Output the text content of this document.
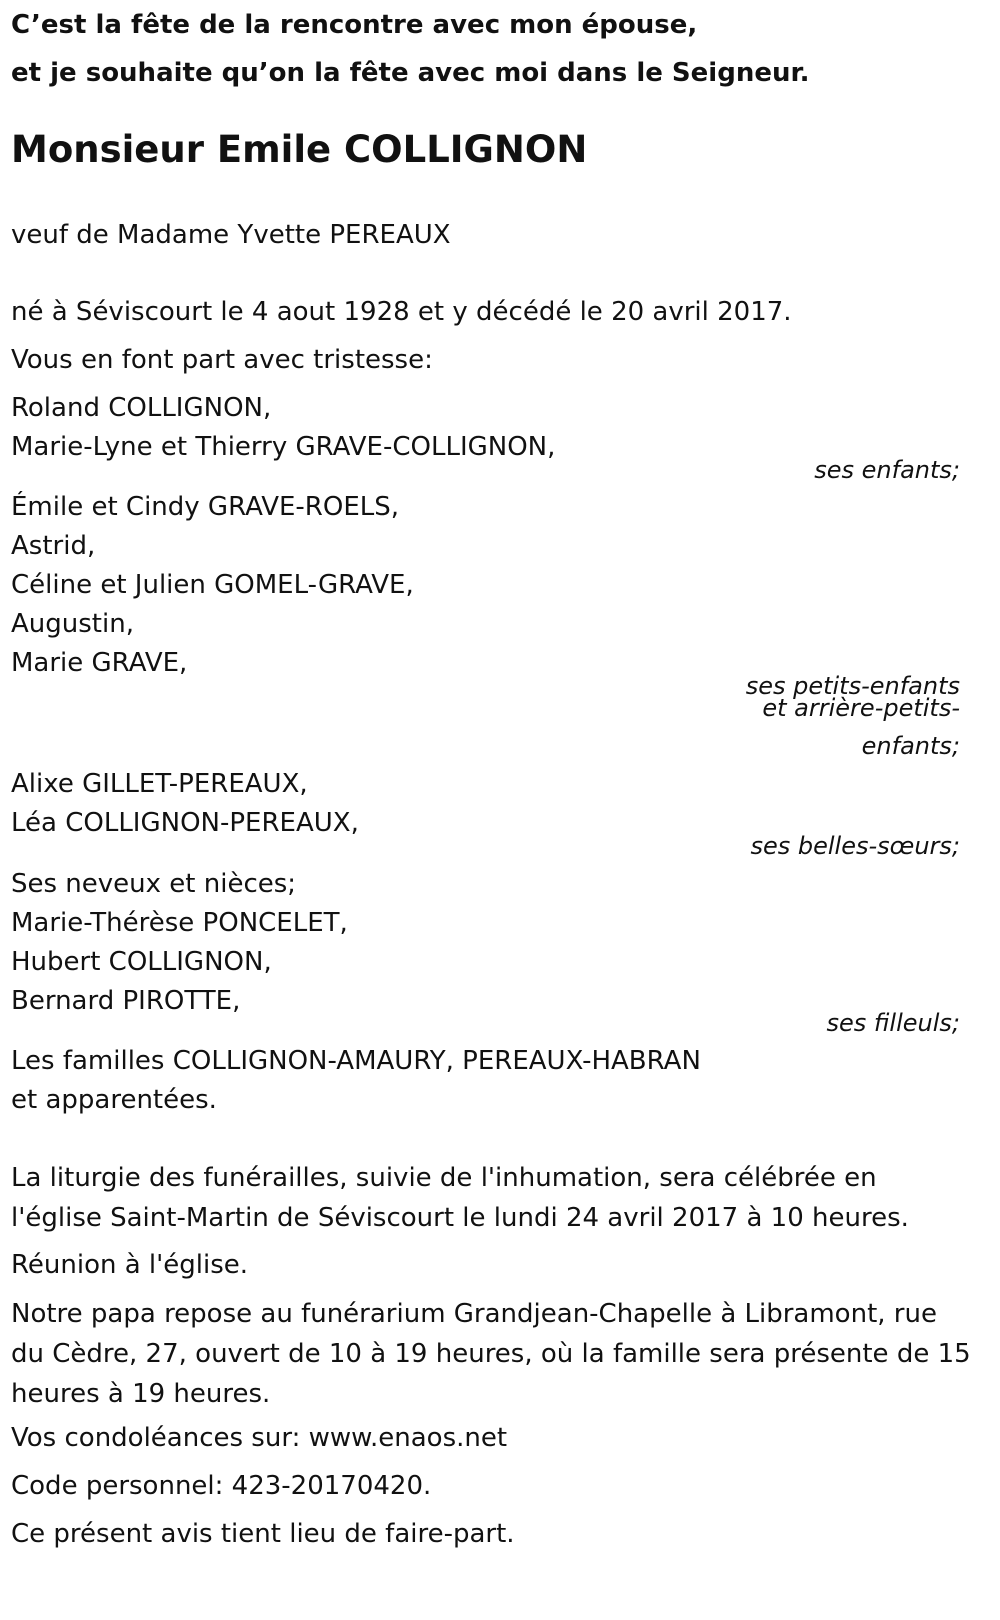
C’est la fête de la rencontre avec mon épouse,

et je souhaite qu’on la fête avec moi dans le Seigneur.

Monsieur Emile COLLIGNON

veuf de Madame Yvette PEREAUX

né à Séviscourt le 4 aout 1928 et y décédé le 20 avril 2017.

Vous en font part avec tristesse:

Roland COLLIGNON,

Marie-Lyne et Thierry GRAVE-COLLIGNON,

ses enfants;

Émile et Cindy GRAVE-ROELS,

Astrid,

Céline et Julien GOMEL-GRAVE,

Augustin,

Marie GRAVE,

ses petits-enfants

et arrière-petits-

enfants;

Alixe GILLET-PEREAUX,

Léa COLLIGNON-PEREAUX,

ses belles-sœurs;

Ses neveux et nièces;

Marie-Thérèse PONCELET,

Hubert COLLIGNON,

Bernard PIROTTE,

ses filleuls;

Les familles COLLIGNON-AMAURY, PEREAUX-HABRAN

et apparentées.

La liturgie des funérailles, suivie de l'inhumation, sera célébrée en l'église Saint-Martin de Séviscourt le lundi 24 avril 2017 à 10 heures.

Réunion à l'église.

Notre papa repose au funérarium Grandjean-Chapelle à Libramont, rue du Cèdre, 27, ouvert de 10 à 19 heures, où la famille sera présente de 15 heures à 19 heures.

Vos condoléances sur: www.enaos.net

Code personnel: 423-20170420.

Ce présent avis tient lieu de faire-part.
